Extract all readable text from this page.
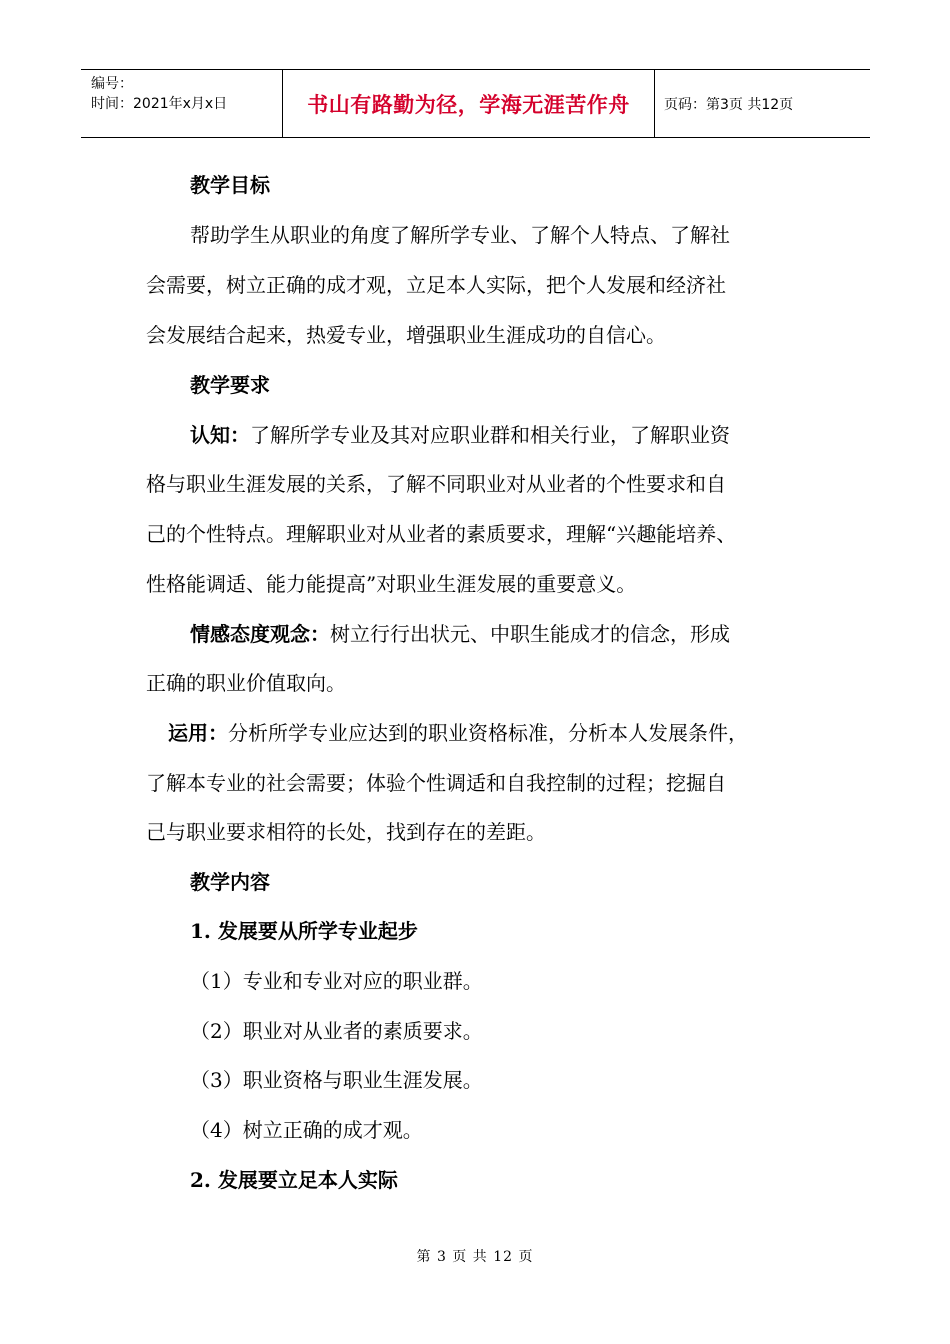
编号：
时间：2021年x月x日	书山有路勤为径，学海无涯苦作舟 页码：第3页 共12页
教学目标
帮助学生从职业的角度了解所学专业、了解个人特点、了解社
会需要，树立正确的成才观，立足本人实际，把个人发展和经济社
会发展结合起来，热爱专业，增强职业生涯成功的自信心。
教学要求
认知：了解所学专业及其对应职业群和相关行业，了解职业资
格与职业生涯发展的关系，了解不同职业对从业者的个性要求和自
己的个性特点。理解职业对从业者的素质要求，理解“兴趣能培养、
性格能调适、能力能提高”对职业生涯发展的重要意义。
情感态度观念：树立行行出状元、中职生能成才的信念，形成
正确的职业价值取向。
运用：分析所学专业应达到的职业资格标准，分析本人发展条件，
了解本专业的社会需要；体验个性调适和自我控制的过程；挖掘自
己与职业要求相符的长处，找到存在的差距。
教学内容
1. 发展要从所学专业起步
（1）专业和专业对应的职业群。
（2）职业对从业者的素质要求。
（3）职业资格与职业生涯发展。
（4）树立正确的成才观。
2. 发展要立足本人实际
第 3 页 共 12 页
